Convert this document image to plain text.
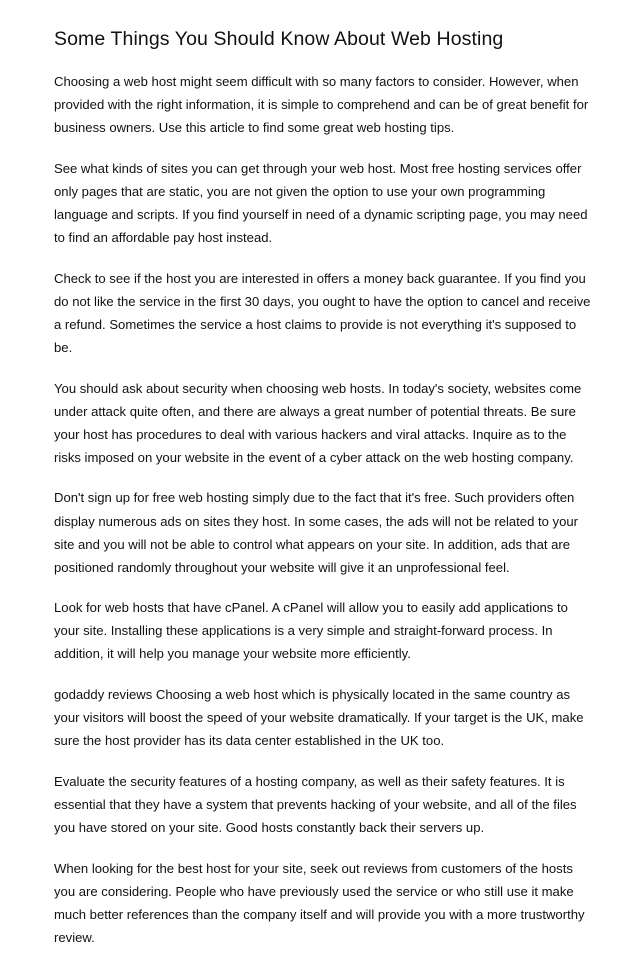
Some Things You Should Know About Web Hosting

Choosing a web host might seem difficult with so many factors to consider. However, when provided with the right information, it is simple to comprehend and can be of great benefit for business owners. Use this article to find some great web hosting tips.

See what kinds of sites you can get through your web host. Most free hosting services offer only pages that are static, you are not given the option to use your own programming language and scripts. If you find yourself in need of a dynamic scripting page, you may need to find an affordable pay host instead.

Check to see if the host you are interested in offers a money back guarantee. If you find you do not like the service in the first 30 days, you ought to have the option to cancel and receive a refund. Sometimes the service a host claims to provide is not everything it's supposed to be.

You should ask about security when choosing web hosts. In today's society, websites come under attack quite often, and there are always a great number of potential threats. Be sure your host has procedures to deal with various hackers and viral attacks. Inquire as to the risks imposed on your website in the event of a cyber attack on the web hosting company.

Don't sign up for free web hosting simply due to the fact that it's free. Such providers often display numerous ads on sites they host. In some cases, the ads will not be related to your site and you will not be able to control what appears on your site. In addition, ads that are positioned randomly throughout your website will give it an unprofessional feel.

Look for web hosts that have cPanel. A cPanel will allow you to easily add applications to your site. Installing these applications is a very simple and straight-forward process. In addition, it will help you manage your website more efficiently.

godaddy reviews Choosing a web host which is physically located in the same country as your visitors will boost the speed of your website dramatically. If your target is the UK, make sure the host provider has its data center established in the UK too.

Evaluate the security features of a hosting company, as well as their safety features. It is essential that they have a system that prevents hacking of your website, and all of the files you have stored on your site. Good hosts constantly back their servers up.

When looking for the best host for your site, seek out reviews from customers of the hosts you are considering. People who have previously used the service or who still use it make much better references than the company itself and will provide you with a more trustworthy review.
